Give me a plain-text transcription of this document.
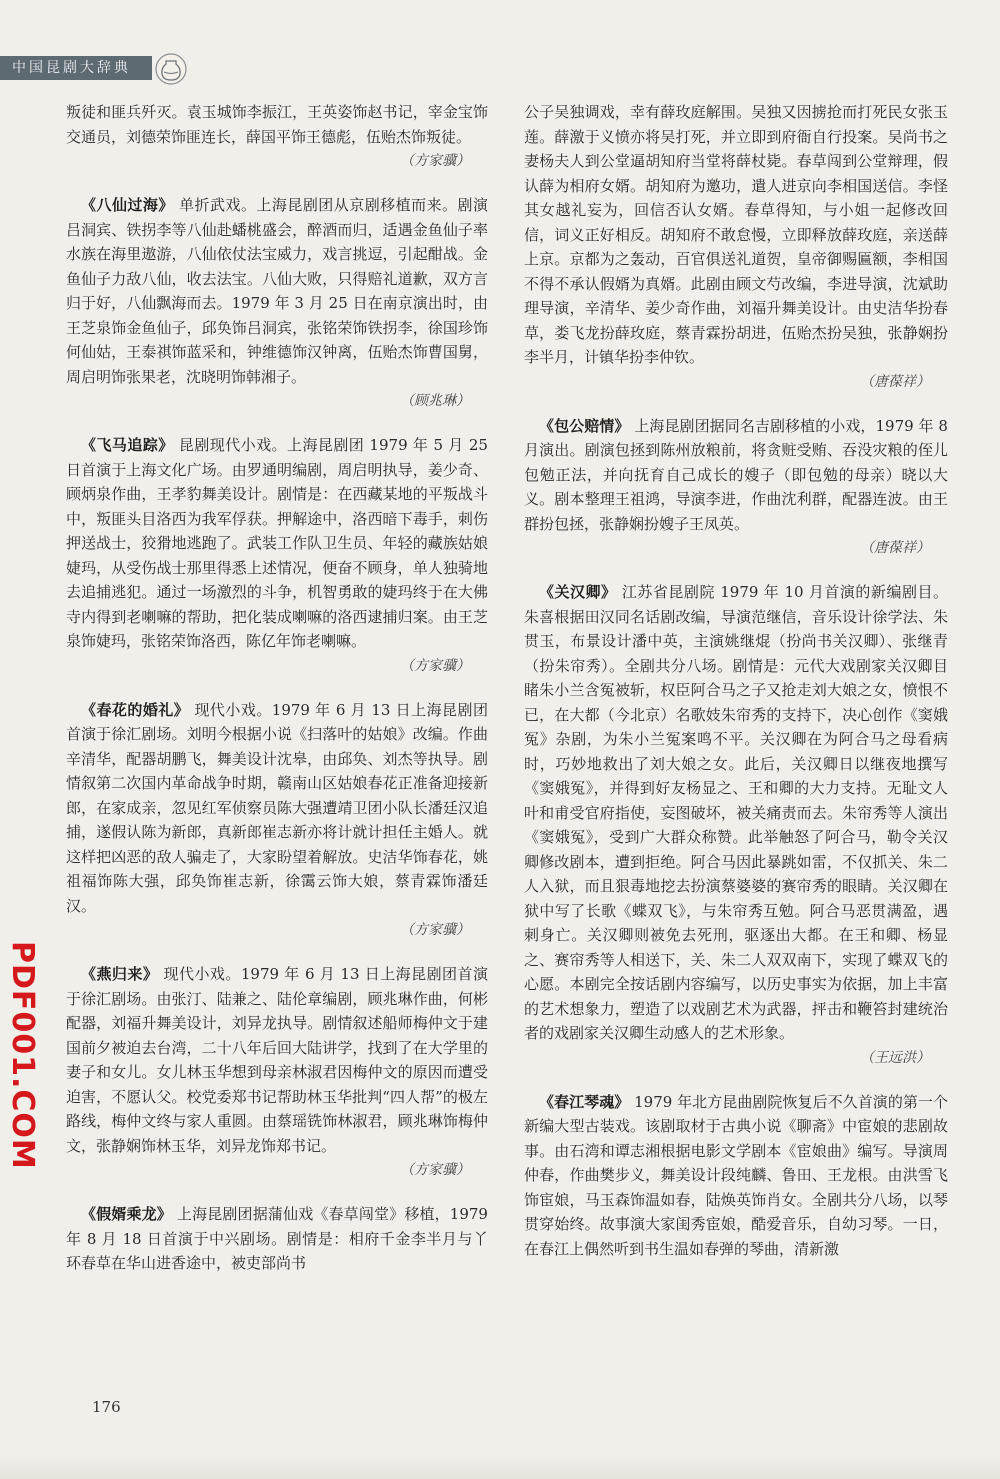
中国昆剧大辞典
PDF001.COM

叛徒和匪兵歼灭。袁玉城饰李振江，王英姿饰赵书记，宰金宝饰交通员，刘德荣饰匪连长，薛国平饰王德彪，伍贻杰饰叛徒。
（方家骥）

《八仙过海》 单折武戏。上海昆剧团从京剧移植而来。剧演吕洞宾、铁拐李等八仙赴蟠桃盛会，醉酒而归，适遇金鱼仙子率水族在海里遨游，八仙依仗法宝威力，戏言挑逗，引起酣战。金鱼仙子力敌八仙，收去法宝。八仙大败，只得赔礼道歉，双方言归于好，八仙飘海而去。1979 年 3 月 25 日在南京演出时，由王芝泉饰金鱼仙子，邱奂饰吕洞宾，张铭荣饰铁拐李，徐国珍饰何仙姑，王泰祺饰蓝采和，钟维德饰汉钟离，伍贻杰饰曹国舅，周启明饰张果老，沈晓明饰韩湘子。
（顾兆琳）

《飞马追踪》 昆剧现代小戏。上海昆剧团 1979 年 5 月 25 日首演于上海文化广场。由罗通明编剧，周启明执导，姜少奇、顾炳泉作曲，王孝豹舞美设计。剧情是：在西藏某地的平叛战斗中，叛匪头目洛西为我军俘获。押解途中，洛西暗下毒手，刺伤押送战士，狡猾地逃跑了。武装工作队卫生员、年轻的藏族姑娘婕玛，从受伤战士那里得悉上述情况，便奋不顾身，单人独骑地去追捕逃犯。通过一场激烈的斗争，机智勇敢的婕玛终于在大佛寺内得到老喇嘛的帮助，把化装成喇嘛的洛西逮捕归案。由王芝泉饰婕玛，张铭荣饰洛西，陈亿年饰老喇嘛。
（方家骥）

《春花的婚礼》 现代小戏。1979 年 6 月 13 日上海昆剧团首演于徐汇剧场。刘明今根据小说《扫落叶的姑娘》改编。作曲辛清华，配器胡鹏飞，舞美设计沈皋，由邱奂、刘杰等执导。剧情叙第二次国内革命战争时期，赣南山区姑娘春花正准备迎接新郎，在家成亲，忽见红军侦察员陈大强遭靖卫团小队长潘廷汉追捕，遂假认陈为新郎，真新郎崔志新亦将计就计担任主婚人。就这样把凶恶的敌人骗走了，大家盼望着解放。史洁华饰春花，姚祖福饰陈大强，邱奂饰崔志新，徐霭云饰大娘，蔡青霖饰潘廷汉。
（方家骥）

《燕归来》 现代小戏。1979 年 6 月 13 日上海昆剧团首演于徐汇剧场。由张汀、陆兼之、陆伦章编剧，顾兆琳作曲，何彬配器，刘福升舞美设计，刘异龙执导。剧情叙述船师梅仲文于建国前夕被迫去台湾，二十八年后回大陆讲学，找到了在大学里的妻子和女儿。女儿林玉华想到母亲林淑君因梅仲文的原因而遭受迫害，不愿认父。校党委郑书记帮助林玉华批判“四人帮”的极左路线，梅仲文终与家人重圆。由蔡瑶铣饰林淑君，顾兆琳饰梅仲文，张静娴饰林玉华，刘异龙饰郑书记。
（方家骥）

《假婿乘龙》 上海昆剧团据蒲仙戏《春草闯堂》移植，1979 年 8 月 18 日首演于中兴剧场。剧情是：相府千金李半月与丫环春草在华山进香途中，被吏部尚书

公子吴独调戏，幸有薛玫庭解围。吴独又因掳抢而打死民女张玉莲。薛激于义愤亦将吴打死，并立即到府衙自行投案。吴尚书之妻杨夫人到公堂逼胡知府当堂将薛杖毙。春草闯到公堂辩理，假认薛为相府女婿。胡知府为邀功，遣人进京向李相国送信。李怪其女越礼妄为，回信否认女婿。春草得知，与小姐一起修改回信，词义正好相反。胡知府不敢怠慢，立即释放薛玫庭，亲送薛上京。京都为之轰动，百官俱送礼道贺，皇帝御赐匾额，李相国不得不承认假婿为真婿。此剧由顾文芍改编，李进导演，沈斌助理导演，辛清华、姜少奇作曲，刘福升舞美设计。由史洁华扮春草，娄飞龙扮薛玫庭，蔡青霖扮胡进，伍贻杰扮吴独，张静娴扮李半月，计镇华扮李仲钦。
（唐葆祥）

《包公赔情》 上海昆剧团据同名吉剧移植的小戏，1979 年 8 月演出。剧演包拯到陈州放粮前，将贪赃受贿、吞没灾粮的侄儿包勉正法，并向抚育自己成长的嫂子（即包勉的母亲）晓以大义。剧本整理王祖鸿，导演李进，作曲沈利群，配器连波。由王群扮包拯，张静娴扮嫂子王凤英。
（唐葆祥）

《关汉卿》 江苏省昆剧院 1979 年 10 月首演的新编剧目。朱喜根据田汉同名话剧改编，导演范继信，音乐设计徐学法、朱贯玉，布景设计潘中英，主演姚继焜（扮尚书关汉卿）、张继青（扮朱帘秀）。全剧共分八场。剧情是：元代大戏剧家关汉卿目睹朱小兰含冤被斩，权臣阿合马之子又抢走刘大娘之女，愤恨不已，在大都（今北京）名歌妓朱帘秀的支持下，决心创作《窦娥冤》杂剧，为朱小兰冤案鸣不平。关汉卿在为阿合马之母看病时，巧妙地救出了刘大娘之女。此后，关汉卿日以继夜地撰写《窦娥冤》，并得到好友杨显之、王和卿的大力支持。无耻文人叶和甫受官府指使，妄图破坏，被关痛责而去。朱帘秀等人演出《窦娥冤》，受到广大群众称赞。此举触怒了阿合马，勒令关汉卿修改剧本，遭到拒绝。阿合马因此暴跳如雷，不仅抓关、朱二人入狱，而且狠毒地挖去扮演蔡婆婆的赛帘秀的眼睛。关汉卿在狱中写了长歌《蝶双飞》，与朱帘秀互勉。阿合马恶贯满盈，遇刺身亡。关汉卿则被免去死刑，驱逐出大都。在王和卿、杨显之、赛帘秀等人相送下，关、朱二人双双南下，实现了蝶双飞的心愿。本剧完全按话剧内容编写，以历史事实为依据，加上丰富的艺术想象力，塑造了以戏剧艺术为武器，抨击和鞭笞封建统治者的戏剧家关汉卿生动感人的艺术形象。
（王远洪）

《春江琴魂》 1979 年北方昆曲剧院恢复后不久首演的第一个新编大型古装戏。该剧取材于古典小说《聊斋》中宦娘的悲剧故事。由石湾和谭志湘根据电影文学剧本《宦娘曲》编写。导演周仲春，作曲樊步义，舞美设计段纯麟、鲁田、王龙根。由洪雪飞饰宦娘，马玉森饰温如春，陆焕英饰肖女。全剧共分八场，以琴贯穿始终。故事演大家闺秀宦娘，酷爱音乐，自幼习琴。一日，在春江上偶然听到书生温如春弹的琴曲，清新激

176
